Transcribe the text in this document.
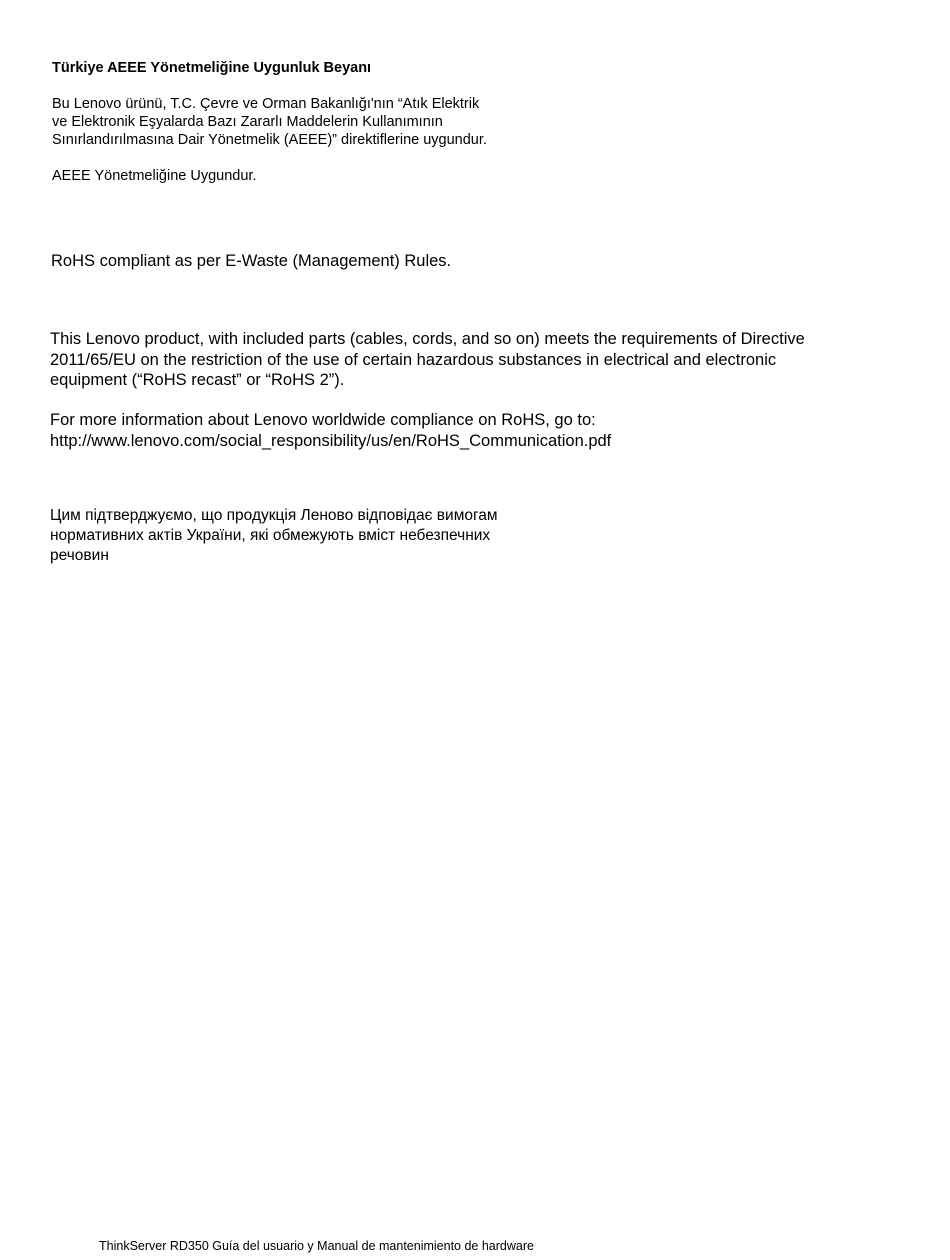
Türkiye AEEE Yönetmeliğine Uygunluk Beyanı
Bu Lenovo ürünü, T.C. Çevre ve Orman Bakanlığı'nın “Atık Elektrik
ve Elektronik Eşyalarda Bazı Zararlı Maddelerin Kullanımının
Sınırlandırılmasına Dair Yönetmelik (AEEE)” direktiflerine uygundur.
AEEE Yönetmeliğine Uygundur.
RoHS compliant as per E-Waste (Management) Rules.
This Lenovo product, with included parts (cables, cords, and so on) meets the requirements of Directive
2011/65/EU on the restriction of the use of certain hazardous substances in electrical and electronic
equipment (“RoHS recast” or “RoHS 2”).
For more information about Lenovo worldwide compliance on RoHS, go to:
http://www.lenovo.com/social_responsibility/us/en/RoHS_Communication.pdf
Цим підтверджуємо, що продукція Леново відповідає вимогам
нормативних актів України, які обмежують вміст небезпечних
речовин
ThinkServer RD350 Guía del usuario y Manual de mantenimiento de hardware
